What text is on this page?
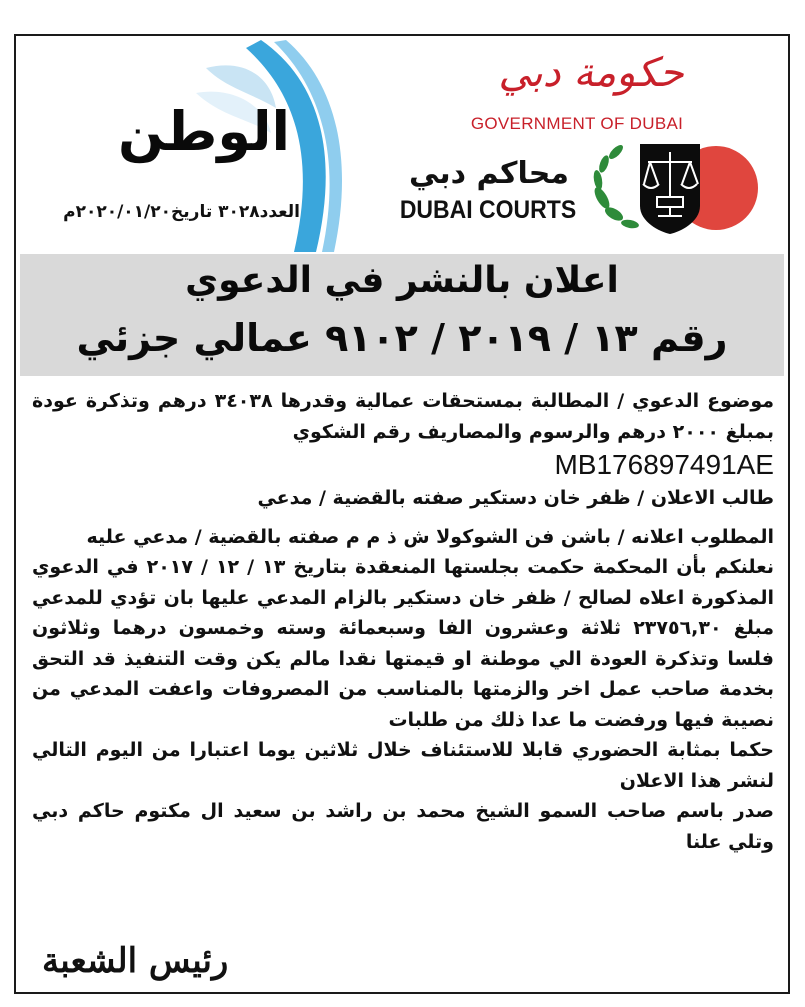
الوطن
العدد٣٠٢٨ تاريخ٢٠٢٠/٠١/٢٠م
حكومة دبي
GOVERNMENT OF DUBAI
محاكم دبي
DUBAI COURTS
اعلان بالنشر في الدعوي
رقم ١٣ / ٢٠١٩ / ٩١٠٢ عمالي جزئي

موضوع الدعوي / المطالبة بمستحقات عمالية وقدرها ٣٤٠٣٨ درهم وتذكرة عودة بمبلغ ٢٠٠٠ درهم والرسوم والمصاريف رقم الشكوي

MB176897491AE

طالب الاعلان / ظفر خان دستكير صفته بالقضية / مدعي

المطلوب اعلانه / باشن فن الشوكولا ش ذ م م صفته بالقضية / مدعي عليه

نعلنكم بأن المحكمة حكمت بجلستها المنعقدة بتاريخ ١٣ / ١٢ / ٢٠١٧ في الدعوي المذكورة اعلاه لصالح / ظفر خان دستكير بالزام المدعي عليها بان تؤدي للمدعي مبلغ ٢٣٧٥٦,٣٠ ثلاثة وعشرون الفا وسبعمائة وسته وخمسون درهما وثلاثون فلسا وتذكرة العودة الي موطنة او قيمتها نقدا مالم يكن وقت التنفيذ قد التحق بخدمة صاحب عمل اخر والزمتها بالمناسب من المصروفات واعفت المدعي من نصيبة فيها ورفضت ما عدا ذلك من طلبات

حكما بمثابة الحضوري قابلا للاستئناف خلال ثلاثين يوما اعتبارا من اليوم التالي لنشر هذا الاعلان

صدر باسم صاحب السمو الشيخ محمد بن راشد بن سعيد ال مكتوم حاكم دبي وتلي علنا

رئيس الشعبة
